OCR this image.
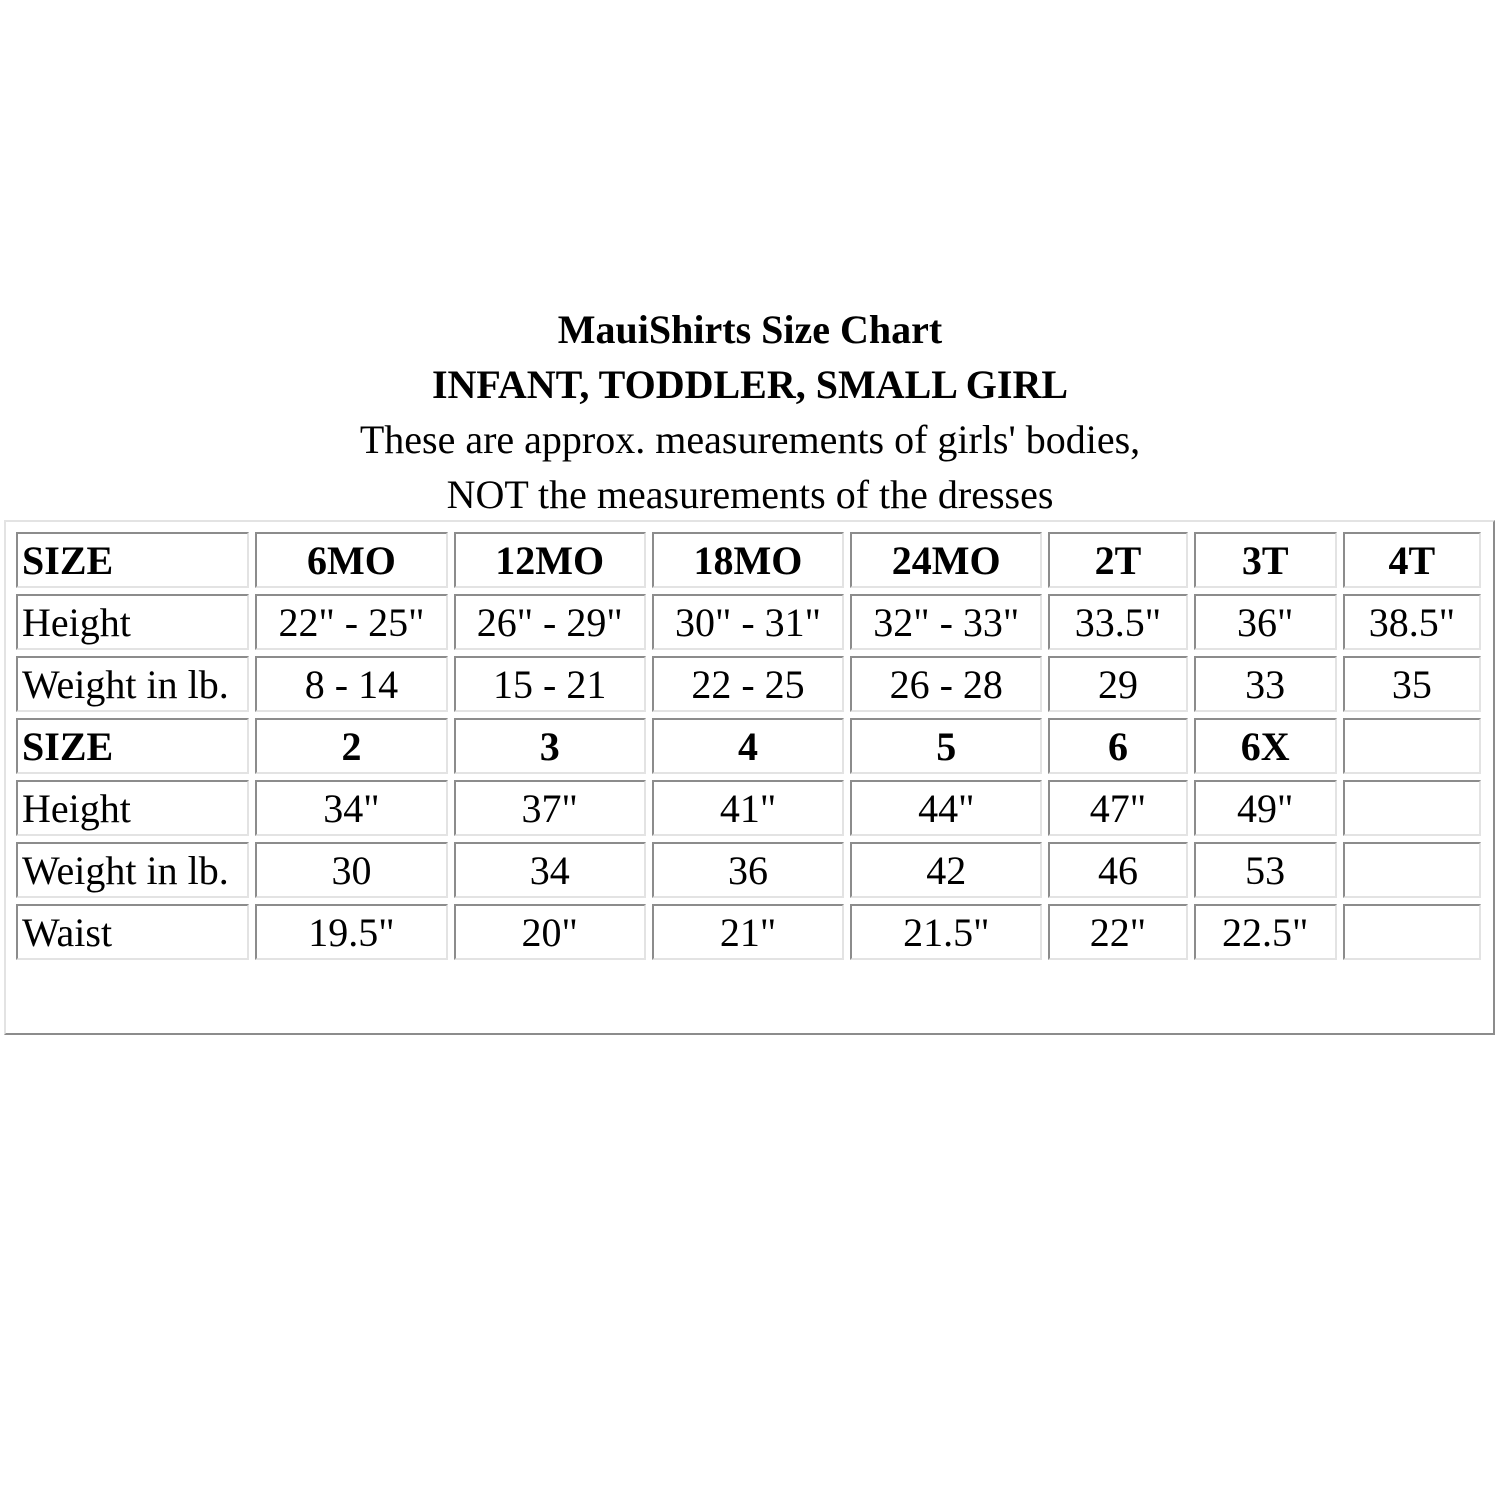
MauiShirts Size Chart
INFANT, TODDLER, SMALL GIRL
These are approx. measurements of girls' bodies,
NOT the measurements of the dresses
SIZE	6MO	12MO	18MO	24MO	2T	3T	4T
Height	22" - 25"	26" - 29"	30" - 31"	32" - 33"	33.5"	36"	38.5"
Weight in lb.	8 - 14	15 - 21	22 - 25	26 - 28	29	33	35
SIZE	2	3	4	5	6	6X	
Height	34"	37"	41"	44"	47"	49"	
Weight in lb.	30	34	36	42	46	53	
Waist	19.5"	20"	21"	21.5"	22"	22.5"	
